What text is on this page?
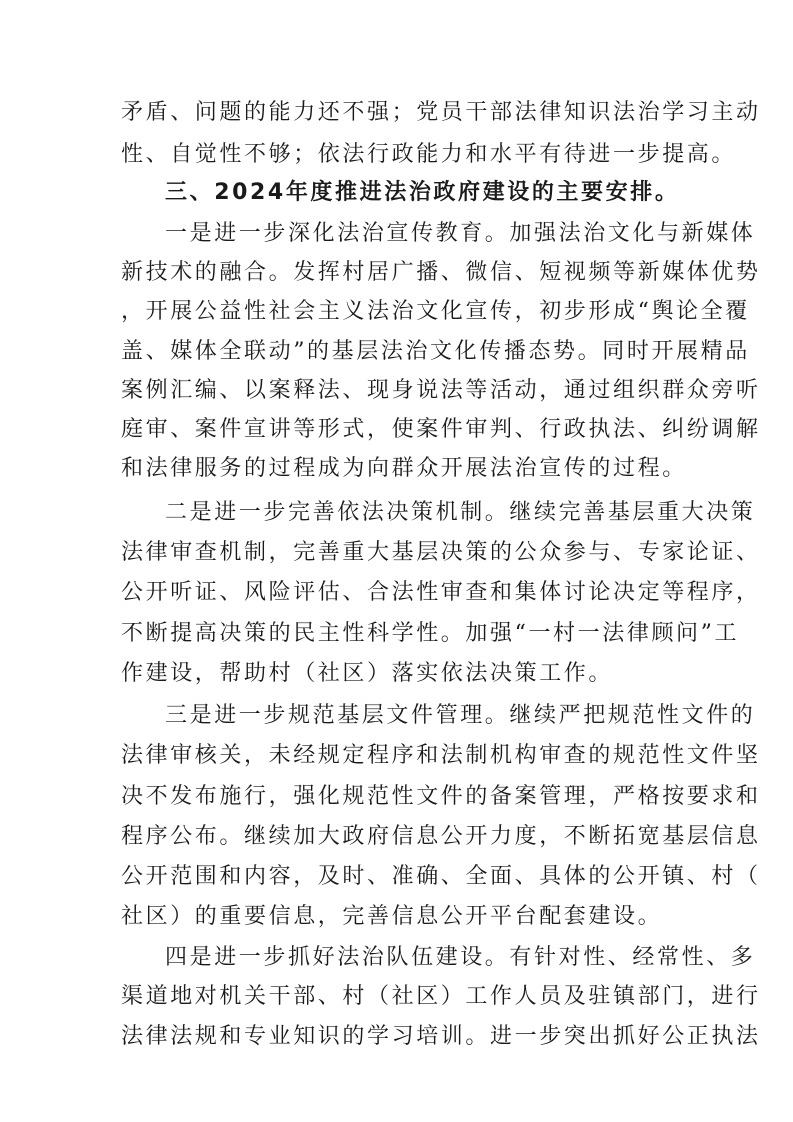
矛盾、问题的能力还不强；党员干部法律知识法治学习主动
性、自觉性不够；依法行政能力和水平有待进一步提高。
三、2024年度推进法治政府建设的主要安排。
一是进一步深化法治宣传教育。加强法治文化与新媒体
新技术的融合。发挥村居广播、微信、短视频等新媒体优势
，开展公益性社会主义法治文化宣传，初步形成“舆论全覆
盖、媒体全联动”的基层法治文化传播态势。同时开展精品
案例汇编、以案释法、现身说法等活动，通过组织群众旁听
庭审、案件宣讲等形式，使案件审判、行政执法、纠纷调解
和法律服务的过程成为向群众开展法治宣传的过程。
二是进一步完善依法决策机制。继续完善基层重大决策
法律审查机制，完善重大基层决策的公众参与、专家论证、
公开听证、风险评估、合法性审查和集体讨论决定等程序，
不断提高决策的民主性科学性。加强“一村一法律顾问”工
作建设，帮助村（社区）落实依法决策工作。
三是进一步规范基层文件管理。继续严把规范性文件的
法律审核关，未经规定程序和法制机构审查的规范性文件坚
决不发布施行，强化规范性文件的备案管理，严格按要求和
程序公布。继续加大政府信息公开力度，不断拓宽基层信息
公开范围和内容，及时、准确、全面、具体的公开镇、村（
社区）的重要信息，完善信息公开平台配套建设。
四是进一步抓好法治队伍建设。有针对性、经常性、多
渠道地对机关干部、村（社区）工作人员及驻镇部门，进行
法律法规和专业知识的学习培训。进一步突出抓好公正执法
